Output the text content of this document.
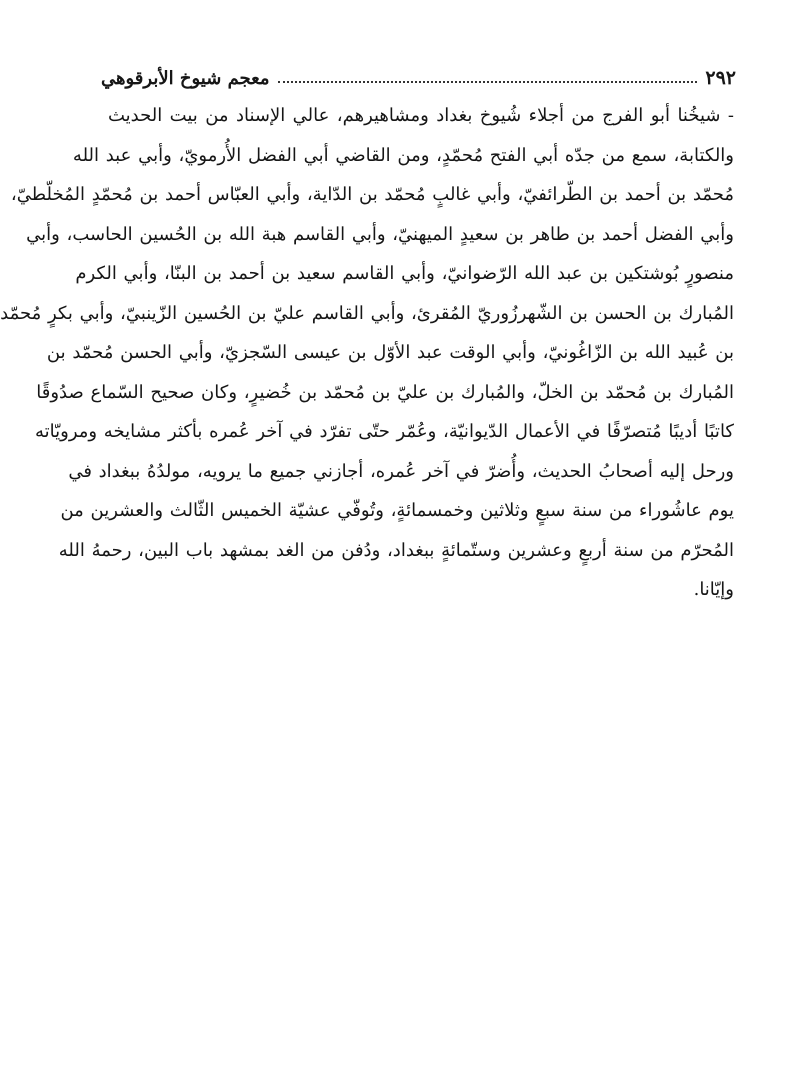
٢٩٢
معجم شيوخ الأبرقوهي

- شيخُنا أبو الفرج من أجلاء شُيوخ بغداد ومشاهيرهم، عالي الإسناد من بيت الحديث
والكتابة، سمع من جدّه أبي الفتح مُحمّدٍ، ومن القاضي أبي الفضل الأُرمويّ، وأبي عبد الله
مُحمّد بن أحمد بن الطّرائفيّ، وأبي غالبٍ مُحمّد بن الدّاية، وأبي العبّاس أحمد بن مُحمّدٍ المُخلّطيّ،
وأبي الفضل أحمد بن طاهر بن سعيدٍ الميهنيّ، وأبي القاسم هبة الله بن الحُسين الحاسب، وأبي
منصورٍ بُوشتكين بن عبد الله الرّضوانيّ، وأبي القاسم سعيد بن أحمد بن البنّا، وأبي الكرم
المُبارك بن الحسن بن الشّهرزُوريّ المُقرئ، وأبي القاسم عليّ بن الحُسين الزّينبيّ، وأبي بكرٍ مُحمّد
بن عُبيد الله بن الزّاغُونيّ، وأبي الوقت عبد الأوّل بن عيسى السّجزيّ، وأبي الحسن مُحمّد بن
المُبارك بن مُحمّد بن الخلّ، والمُبارك بن عليّ بن مُحمّد بن خُضيرٍ، وكان صحيح السّماع صدُوقًا
كاتبًا أديبًا مُتصرّفًا في الأعمال الدّيوانيّة، وعُمّر حتّى تفرّد في آخر عُمره بأكثر مشايخه ومرويّاته
ورحل إليه أصحابُ الحديث، وأُضرّ في آخر عُمره، أجازني جميع ما يرويه، مولدُهُ ببغداد في
يوم عاشُوراء من سنة سبعٍ وثلاثين وخمسمائةٍ، وتُوفّي عشيّة الخميس الثّالث والعشرين من
المُحرّم من سنة أربعٍ وعشرين وستّمائةٍ ببغداد، ودُفن من الغد بمشهد باب البين، رحمهُ الله
وإيّانا.
